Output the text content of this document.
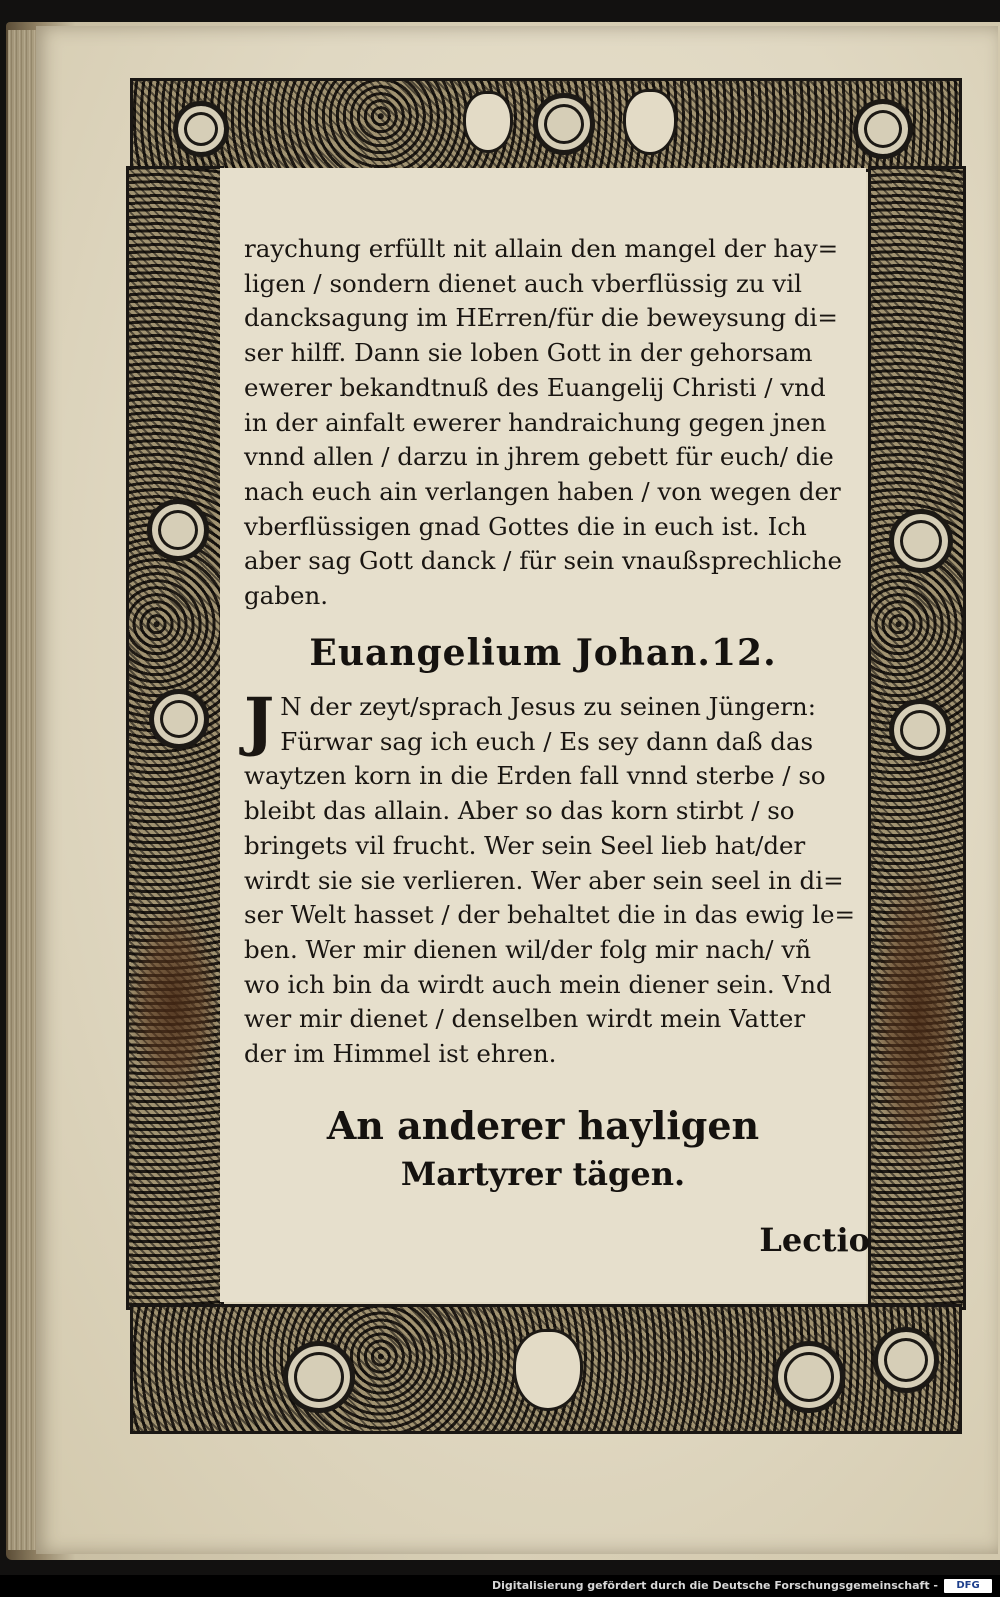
raychung erfüllt nit allain den mangel der hay=
ligen / sondern dienet auch vberflüssig zu vil
dancksagung im HErren/für die beweysung di=
ser hilff. Dann sie loben Gott in der gehorsam
ewerer bekandtnuß des Euangelij Christi / vnd
in der ainfalt ewerer handraichung gegen jnen
vnnd allen / darzu in jhrem gebett für euch/ die
nach euch ain verlangen haben / von wegen der
vberflüssigen gnad Gottes die in euch ist. Ich
aber sag Gott danck / für sein vnaußsprechliche
gaben.

Euangelium Johan.12.
J N der zeyt/sprach Jesus zu seinen Jüngern:
Fürwar sag ich euch / Es sey dann daß das
waytzen korn in die Erden fall vnnd sterbe / so
bleibt das allain. Aber so das korn stirbt / so
bringets vil frucht. Wer sein Seel lieb hat/der
wirdt sie sie verlieren. Wer aber sein seel in di=
ser Welt hasset / der behaltet die in das ewig le=
ben. Wer mir dienen wil/der folg mir nach/ vñ
wo ich bin da wirdt auch mein diener sein. Vnd
wer mir dienet / denselben wirdt mein Vatter
der im Himmel ist ehren.
An anderer hayligen
Martyrer tägen.
Lectio
Digitalisierung gefördert durch die Deutsche Forschungsgemeinschaft -	DFG
